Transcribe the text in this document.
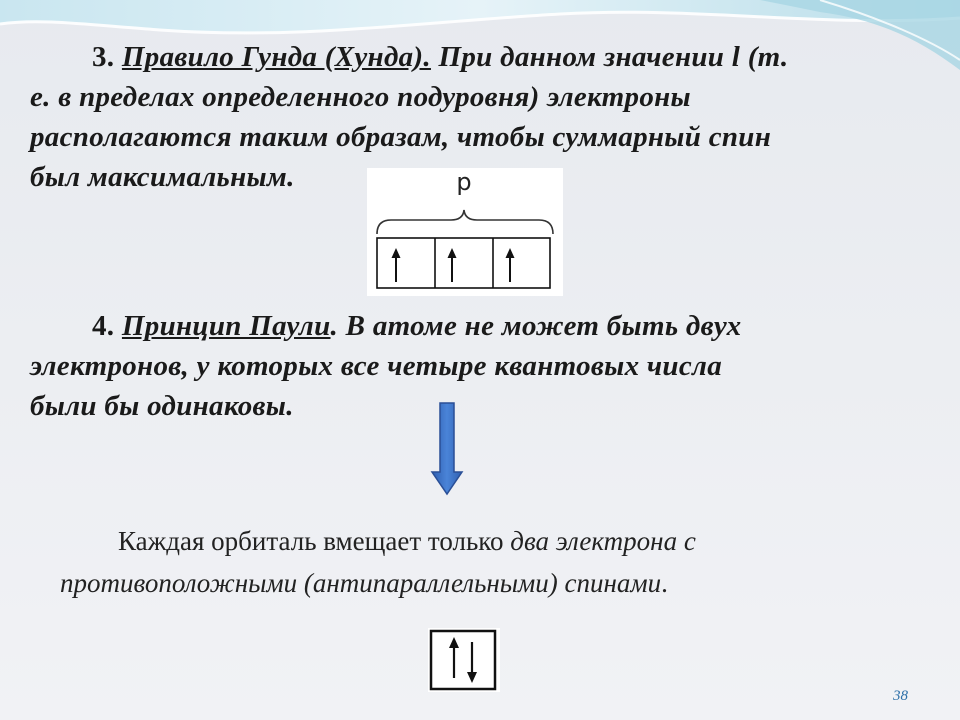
3. Правило Гунда (Хунда). При данном значении l (т.
е. в пределах определенного подуровня) электроны
располагаются таким образам, чтобы суммарный спин
был максимальным.	p
4. Принцип Паули. В атоме не может быть двух
электронов, у которых все четыре квантовых числа
были бы одинаковы.
Каждая орбиталь вмещает только два электрона с противоположными (антипараллельными) спинами.
38
